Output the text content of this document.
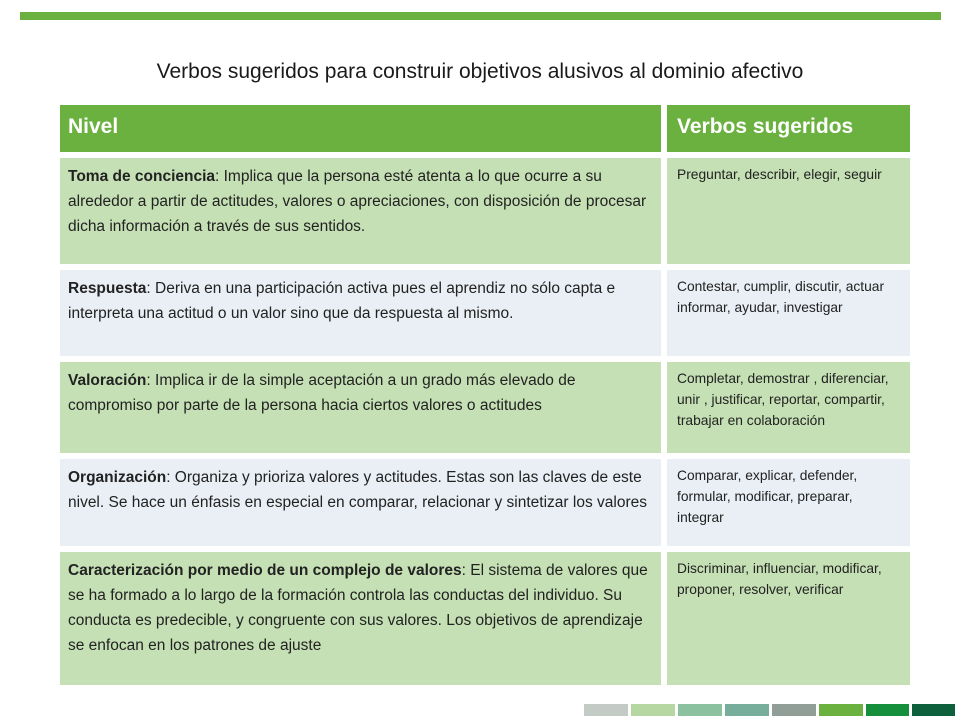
Verbos sugeridos para construir objetivos alusivos al dominio afectivo
Nivel	Verbos sugeridos
Toma de conciencia: Implica que la persona esté atenta a lo que ocurre a su alrededor a partir de actitudes, valores o apreciaciones, con disposición de procesar dicha información a través de sus sentidos.
Preguntar, describir, elegir, seguir
Respuesta: Deriva en una participación activa pues el aprendiz no sólo capta e interpreta una actitud o un valor sino que da respuesta al mismo.
Contestar, cumplir, discutir, actuar informar, ayudar, investigar
Valoración: Implica ir de la simple aceptación a un grado más elevado de compromiso por parte de la persona hacia ciertos valores o actitudes
Completar, demostrar , diferenciar, unir , justificar, reportar, compartir, trabajar en colaboración
Organización: Organiza y prioriza valores y actitudes. Estas son las claves de este nivel. Se hace un énfasis en especial en comparar, relacionar y sintetizar los valores
Comparar, explicar, defender, formular, modificar, preparar, integrar
Caracterización por medio de un complejo de valores: El sistema de valores que se ha formado a lo largo de la formación controla las conductas del individuo. Su conducta es predecible, y congruente con sus valores. Los objetivos de aprendizaje se enfocan en los patrones de ajuste
Discriminar, influenciar, modificar, proponer, resolver, verificar
